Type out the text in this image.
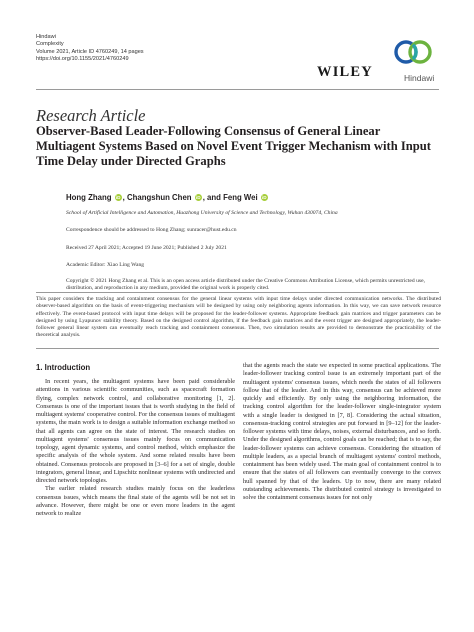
Hindawi
Complexity
Volume 2021, Article ID 4760249, 14 pages
https://doi.org/10.1155/2021/4760249
WILEY	Hindawi
Research Article
Observer-Based Leader-Following Consensus of General Linear Multiagent Systems Based on Novel Event Trigger Mechanism with Input Time Delay under Directed Graphs
Hong Zhang iD , Changshun Chen iD , and Feng Wei iD
School of Artificial Intelligence and Automation, Huazhong University of Science and Technology, Wuhan 430074, China
Correspondence should be addressed to Hong Zhang; sunracer@hust.edu.cn
Received 27 April 2021; Accepted 19 June 2021; Published 2 July 2021
Academic Editor: Xiao Ling Wang
Copyright © 2021 Hong Zhang et al. This is an open access article distributed under the Creative Commons Attribution License, which permits unrestricted use, distribution, and reproduction in any medium, provided the original work is properly cited.
This paper considers the tracking and containment consensus for the general linear systems with input time delays under directed communication networks. The distributed observer-based algorithm on the basis of event-triggering mechanism will be designed by using only neighboring agents information. In this way, we can save network resource effectively. The event-based protocol with input time delays will be proposed for the leader-follower systems. Appropriate feedback gain matrices and trigger parameters can be designed by using Lyapunov stability theory. Based on the designed control algorithm, if the feedback gain matrices and the event trigger are designed appropriately, the leader-follower general linear system can eventually reach tracking and containment consensus. Then, two simulation results are provided to demonstrate the practicability of the theoretical analysis.
1. Introduction

In recent years, the multiagent systems have been paid considerable attentions in various scientific communities, such as spacecraft formation flying, complex network control, and collaborative monitoring [1, 2]. Consensus is one of the important issues that is worth studying in the field of multiagent systems' cooperative control. For the consensus issues of multiagent systems, the main work is to design a suitable information exchange method so that all agents can agree on the state of interest. The research studies on multiagent systems' consensus issues mainly focus on communication topology, agent dynamic systems, and control method, which emphasize the specific analysis of the whole system. And some related results have been obtained. Consensus protocols are proposed in [3–6] for a set of single, double integrators, general linear, and Lipschitz nonlinear systems with undirected and directed network topologies.

The earlier related research studies mainly focus on the leaderless consensus issues, which means the final state of the agents will be not set in advance. However, there might be one or even more leaders in the agent network to realize

that the agents reach the state we expected in some practical applications. The leader-follower tracking control issue is an extremely important part of the multiagent systems' consensus issues, which needs the states of all followers follow that of the leader. And in this way, consensus can be achieved more quickly and efficiently. By only using the neighboring information, the tracking control algorithm for the leader-follower single-integrator system with a single leader is designed in [7, 8]. Considering the actual situation, consensus-tracking control strategies are put forward in [9–12] for the leader-follower systems with time delays, noises, external disturbances, and so forth. Under the designed algorithms, control goals can be reached; that is to say, the leader-follower systems can achieve consensus. Considering the situation of multiple leaders, as a special branch of multiagent systems' control methods, containment has been widely used. The main goal of containment control is to ensure that the states of all followers can eventually converge to the convex hull spanned by that of the leaders. Up to now, there are many related outstanding achievements. The distributed control strategy is investigated to solve the containment consensus issues for not only
